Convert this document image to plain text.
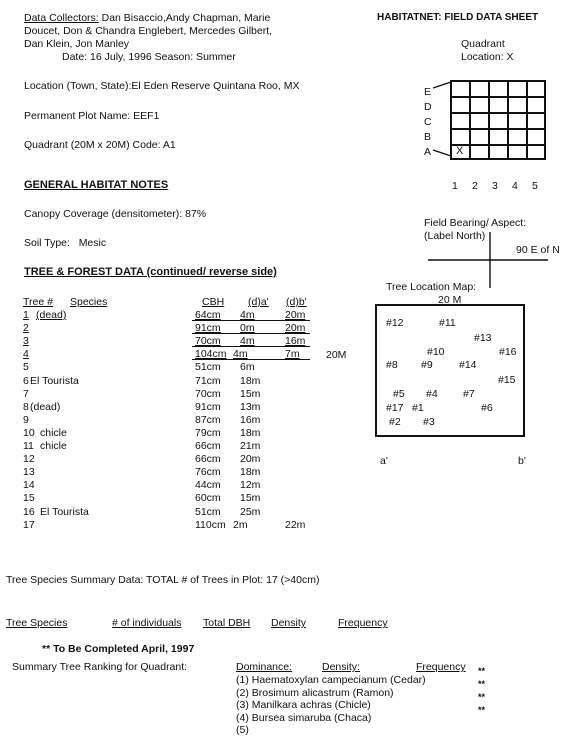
Data Collectors: Dan Bisaccio,Andy Chapman, Marie
Doucet, Don & Chandra Englebert, Mercedes Gilbert,
Dan Klein, Jon Manley
Date: 16 July, 1996 Season: Summer
HABITATNET: FIELD DATA SHEET
Location (Town, State):El Eden Reserve Quintana Roo, MX
Permanent Plot Name: EEF1
Quadrant (20M x 20M) Code: A1
GENERAL HABITAT NOTES
Canopy Coverage (densitometer): 87%
Soil Type: Mesic
TREE & FOREST DATA (continued/ reverse side)
Quadrant
Location: X
E
D
C
B
A X
1 2 3 4 5
Field Bearing/ Aspect:
(Label North)
90 E of N
Tree Location Map:
20 M
#12	#11
#13
#10	#16
#8 #9	#14
#15
#5 #4 #7
#17 #1	#6
#2 #3
a'	b'
Tree # Species	CBH (d)a' (d)b'
20M
1 (dead)	64cm 4m	20m
2	91cm 0m	20m
3	70cm 4m	16m
4	104cm 4m	7m
5	51cm 6m
6 El Tourista	71cm 18m
7	70cm 15m
8 (dead)	91cm 13m
9	87cm 16m
10 chicle	79cm 18m
11 chicle	66cm 21m
12	66cm 20m
13	76cm 18m
14	44cm 12m
15	60cm 15m
16 El Tourista	51cm 25m
17	110cm 2m	22m
Tree Species Summary Data: TOTAL # of Trees in Plot: 17 (>40cm)
Tree Species	# of individuals Total DBH Density	Frequency
** To Be Completed April, 1997
Summary Tree Ranking for Quadrant:	Dominance:	Density:	Frequency
(1) Haematoxylan campecianum (Cedar)
(2) Brosimum alicastrum (Ramon)
(3) Manilkara achras (Chicle)
(4) Bursea simaruba (Chaca)
(5)
**
**
**
**
